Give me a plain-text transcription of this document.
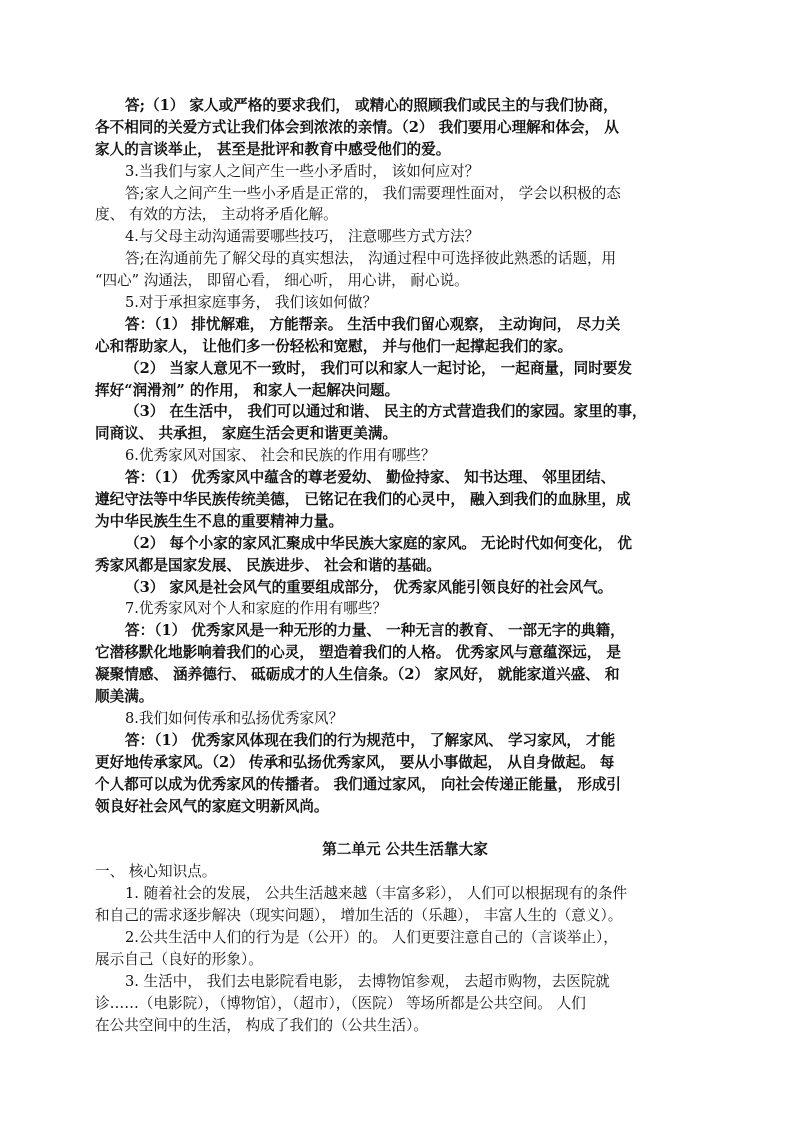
答;（1） 家人或严格的要求我们， 或精心的照顾我们或民主的与我们协商，
各不相同的关爱方式让我们体会到浓浓的亲情。（2） 我们要用心理解和体会， 从
家人的言谈举止， 甚至是批评和教育中感受他们的爱。
3.当我们与家人之间产生一些小矛盾时， 该如何应对？
答;家人之间产生一些小矛盾是正常的， 我们需要理性面对， 学会以积极的态
度、 有效的方法， 主动将矛盾化解。
4.与父母主动沟通需要哪些技巧， 注意哪些方式方法？
答;在沟通前先了解父母的真实想法， 沟通过程中可选择彼此熟悉的话题，用
“四心” 沟通法， 即留心看， 细心听， 用心讲， 耐心说。
5.对于承担家庭事务， 我们该如何做？
答：（1） 排忧解难， 方能帮亲。 生活中我们留心观察， 主动询问， 尽力关
心和帮助家人， 让他们多一份轻松和宽慰， 并与他们一起撑起我们的家。
（2） 当家人意见不一致时， 我们可以和家人一起讨论， 一起商量，同时要发
挥好“润滑剂” 的作用， 和家人一起解决问题。
（3） 在生活中， 我们可以通过和谐、 民主的方式营造我们的家园。家里的事，
同商议、 共承担， 家庭生活会更和谐更美满。
6.优秀家风对国家、 社会和民族的作用有哪些？
答：（1） 优秀家风中蕴含的尊老爱幼、 勤俭持家、 知书达理、 邻里团结、
遵纪守法等中华民族传统美德， 已铭记在我们的心灵中， 融入到我们的血脉里，成
为中华民族生生不息的重要精神力量。
（2） 每个小家的家风汇聚成中华民族大家庭的家风。 无论时代如何变化， 优
秀家风都是国家发展、 民族进步、 社会和谐的基础。
（3） 家风是社会风气的重要组成部分， 优秀家风能引领良好的社会风气。
7.优秀家风对个人和家庭的作用有哪些？
答：（1） 优秀家风是一种无形的力量、 一种无言的教育、 一部无字的典籍，
它潜移默化地影响着我们的心灵， 塑造着我们的人格。 优秀家风与意蕴深远， 是
凝聚情感、 涵养德行、 砥砺成才的人生信条。（2） 家风好， 就能家道兴盛、 和
顺美满。
8.我们如何传承和弘扬优秀家风？
答：（1） 优秀家风体现在我们的行为规范中， 了解家风、 学习家风， 才能
更好地传承家风。（2） 传承和弘扬优秀家风， 要从小事做起， 从自身做起。 每
个人都可以成为优秀家风的传播者。 我们通过家风， 向社会传递正能量， 形成引
领良好社会风气的家庭文明新风尚。
第二单元 公共生活靠大家
一、 核心知识点。
1. 随着社会的发展， 公共生活越来越（丰富多彩）， 人们可以根据现有的条件
和自己的需求逐步解决（现实问题）， 增加生活的（乐趣）， 丰富人生的（意义）。
2.公共生活中人们的行为是（公开）的。 人们更要注意自己的（言谈举止），
展示自己（良好的形象）。
3. 生活中， 我们去电影院看电影， 去博物馆参观， 去超市购物，去医院就
诊……（电影院），（博物馆），（超市），（医院） 等场所都是公共空间。 人们
在公共空间中的生活， 构成了我们的（公共生活）。
